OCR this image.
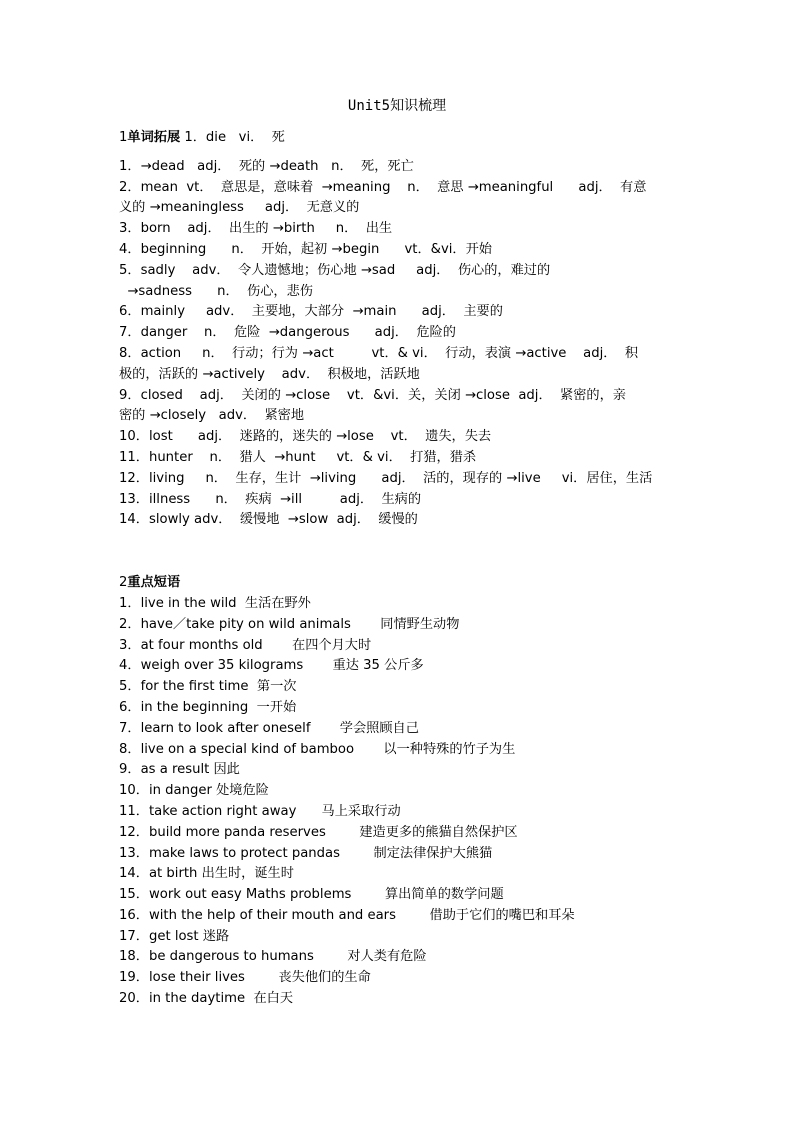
Unit5知识梳理
1单词拓展 1．die   vi．  死
1．→dead   adj．  死的 →death   n．  死，死亡
2．mean  vt．  意思是，意味着  →meaning    n．  意思 →meaningful      adj．  有意
义的 →meaningless     adj．  无意义的
3．born    adj．  出生的 →birth     n．  出生
4．beginning      n．  开始，起初 →begin      vt．&vi．开始
5．sadly    adv．  令人遗憾地；伤心地 →sad     adj．  伤心的，难过的
→sadness      n．  伤心，悲伤
6．mainly     adv．  主要地，大部分  →main      adj．  主要的
7．danger    n．  危险  →dangerous      adj．  危险的
8．action     n．  行动；行为 →act         vt．& vi．  行动，表演 →active    adj．  积
极的，活跃的 →actively    adv．  积极地，活跃地
9．closed    adj．  关闭的 →close    vt．&vi．关，关闭 →close  adj．  紧密的，亲
密的 →closely   adv．  紧密地
10．lost      adj．  迷路的，迷失的 →lose    vt．  遗失，失去
11．hunter    n．  猎人  →hunt     vt．& vi．  打猎，猎杀
12．living     n．  生存，生计  →living      adj．  活的，现存的 →live     vi．居住，生活
13．illness      n．  疾病  →ill         adj．  生病的
14．slowly adv．  缓慢地  →slow  adj．  缓慢的
2重点短语
1．live in the wild  生活在野外
2．have／take pity on wild animals       同情野生动物
3．at four months old       在四个月大时
4．weigh over 35 kilograms       重达 35 公斤多
5．for the first time  第一次
6．in the beginning  一开始
7．learn to look after oneself       学会照顾自己
8．live on a special kind of bamboo       以一种特殊的竹子为生
9．as a result 因此
10．in danger 处境危险
11．take action right away      马上采取行动
12．build more panda reserves        建造更多的熊猫自然保护区
13．make laws to protect pandas        制定法律保护大熊猫
14．at birth 出生时，诞生时
15．work out easy Maths problems        算出简单的数学问题
16．with the help of their mouth and ears        借助于它们的嘴巴和耳朵
17．get lost 迷路
18．be dangerous to humans        对人类有危险
19．lose their lives        丧失他们的生命
20．in the daytime  在白天
